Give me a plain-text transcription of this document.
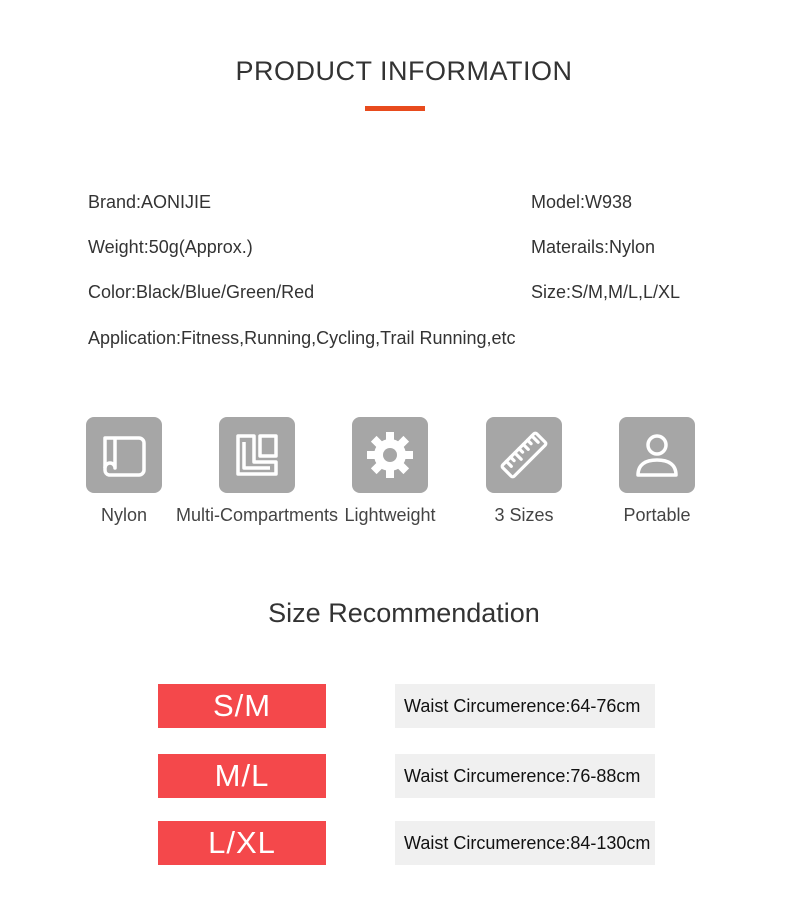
PRODUCT INFORMATION
Brand:AONIJIE	Model:W938
Weight:50g(Approx.)	Materails:Nylon
Color:Black/Blue/Green/Red	Size:S/M,M/L,L/XL
Application:Fitness,Running,Cycling,Trail Running,etc
Nylon	Multi-Compartments Lightweight	3 Sizes	Portable
Size Recommendation
S/M	Waist Circumerence:64-76cm
M/L	Waist Circumerence:76-88cm
L/XL	Waist Circumerence:84-130cm
